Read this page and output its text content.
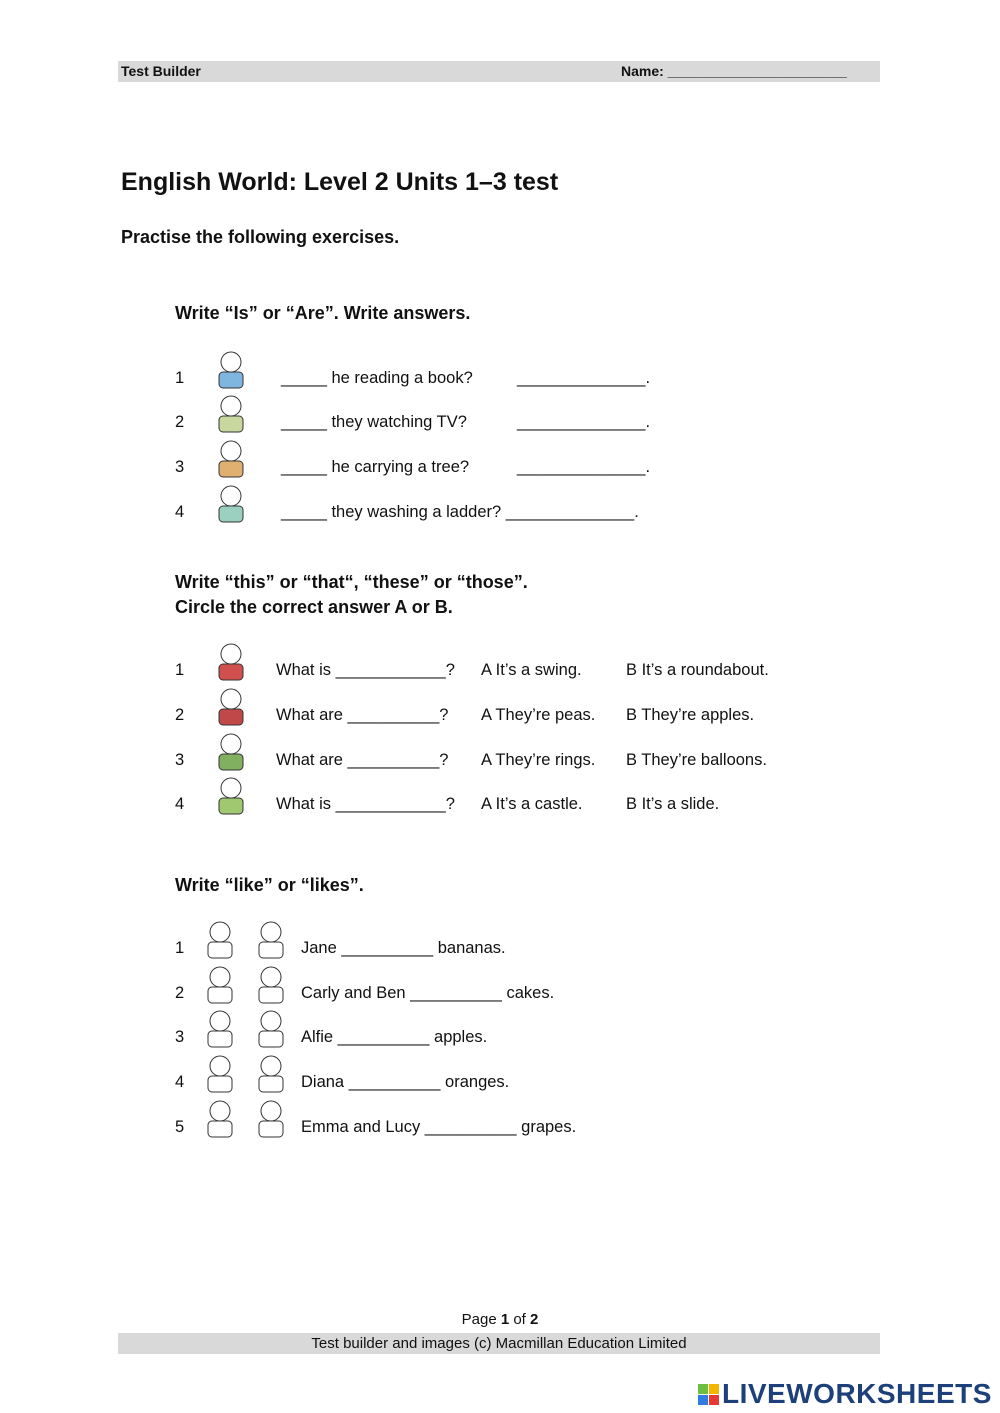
Test Builder	Name: _______________________
English World: Level 2 Units 1–3 test
Practise the following exercises.
Write “Is” or “Are”. Write answers.
1	_____ he reading a book?	______________.
2	_____ they watching TV?	______________.
3	_____ he carrying a tree?	______________.
4	_____ they washing a ladder? ______________.
Write “this” or “that“, “these” or “those”.
Circle the correct answer A or B.
1	What is ____________? A It’s a swing.	B It’s a roundabout.
2	What are __________? A They’re peas. B They’re apples.
3	What are __________? A They’re rings. B They’re balloons.
4	What is ____________? A It’s a castle.	B It’s a slide.
Write “like” or “likes”.
1	Jane __________ bananas.
2	Carly and Ben __________ cakes.
3	Alfie __________ apples.
4	Diana __________ oranges.
5	Emma and Lucy __________ grapes.
Page 1 of 2
Test builder and images (c) Macmillan Education Limited
LIVEWORKSHEETS
